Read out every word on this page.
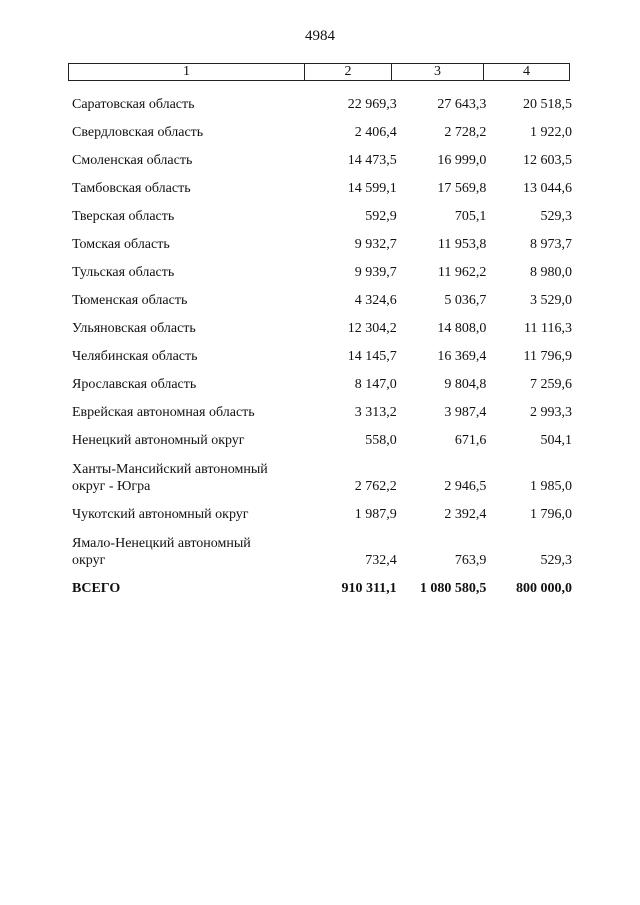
4984
1	2	3	4
Саратовская область	22 969,3	27 643,3	20 518,5
Свердловская область	2 406,4	2 728,2	1 922,0
Смоленская область	14 473,5	16 999,0	12 603,5
Тамбовская область	14 599,1	17 569,8	13 044,6
Тверская область	592,9	705,1	529,3
Томская область	9 932,7	11 953,8	8 973,7
Тульская область	9 939,7	11 962,2	8 980,0
Тюменская область	4 324,6	5 036,7	3 529,0
Ульяновская область	12 304,2	14 808,0	11 116,3
Челябинская область	14 145,7	16 369,4	11 796,9
Ярославская область	8 147,0	9 804,8	7 259,6
Еврейская автономная область	3 313,2	3 987,4	2 993,3
Ненецкий автономный округ	558,0	671,6	504,1
Ханты-Мансийский автономный округ - Югра	2 762,2	2 946,5	1 985,0
Чукотский автономный округ	1 987,9	2 392,4	1 796,0
Ямало-Ненецкий автономный округ	732,4	763,9	529,3
ВСЕГО	910 311,1	1 080 580,5	800 000,0
